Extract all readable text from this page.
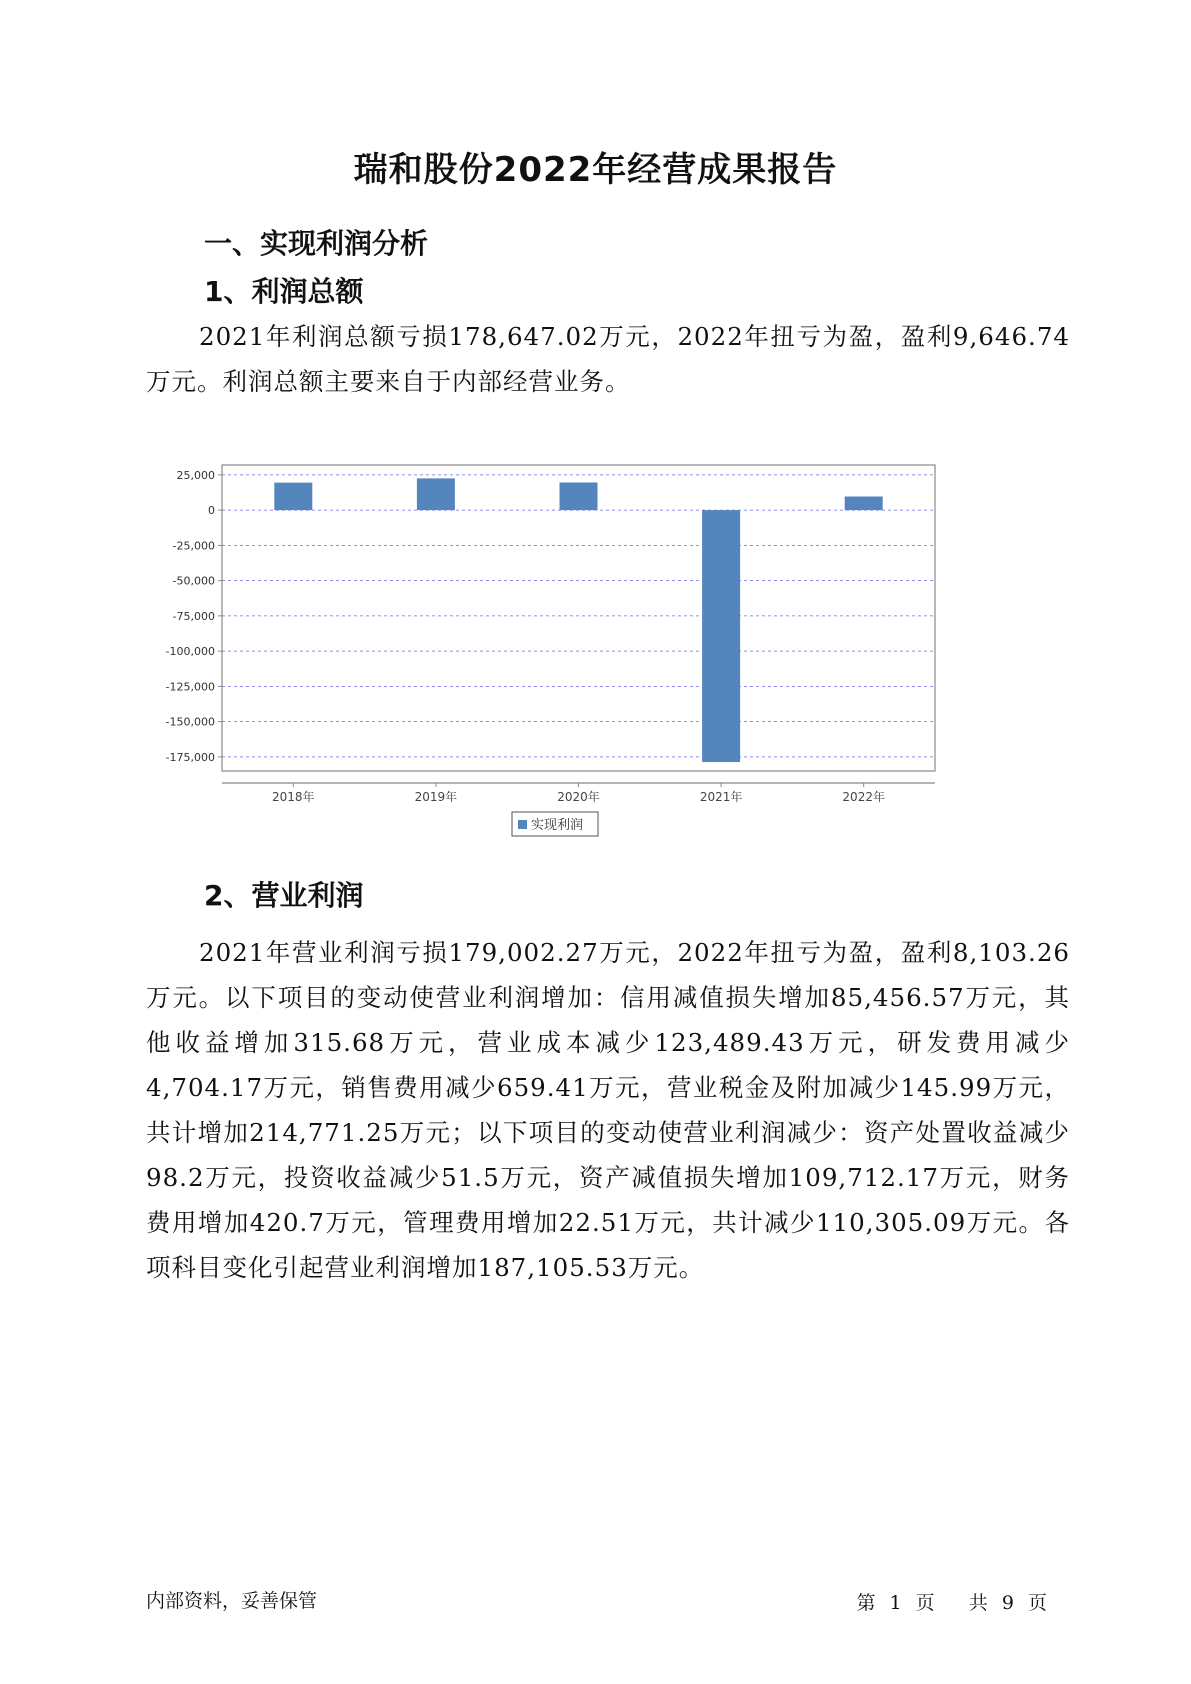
瑞和股份2022年经营成果报告
一、实现利润分析
1、利润总额
2021年利润总额亏损178,647.02万元，2022年扭亏为盈，盈利9,646.74万元。利润总额主要来自于内部经营业务。
25,000
0
-25,000
-50,000
-75,000
-100,000
-125,000
-150,000
-175,000
2018年	2019年	2020年	2021年	2022年
实现利润
2、营业利润
2021年营业利润亏损179,002.27万元，2022年扭亏为盈，盈利8,103.26万元。以下项目的变动使营业利润增加：信用减值损失增加85,456.57万元，其他收益增加315.68万元，营业成本减少123,489.43万元，研发费用减少4,704.17万元，销售费用减少659.41万元，营业税金及附加减少145.99万元，共计增加214,771.25万元；以下项目的变动使营业利润减少：资产处置收益减少98.2万元，投资收益减少51.5万元，资产减值损失增加109,712.17万元，财务费用增加420.7万元，管理费用增加22.51万元，共计减少110,305.09万元。各项科目变化引起营业利润增加187,105.53万元。
内部资料，妥善保管	第 1 页 共 9 页
